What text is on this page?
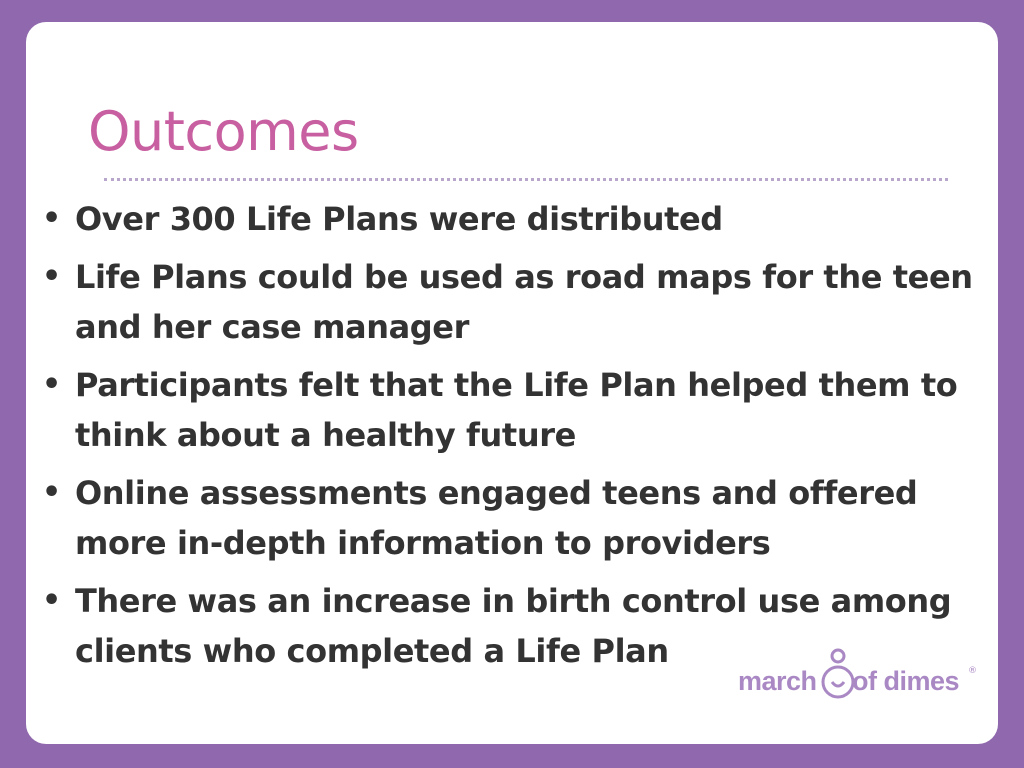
Outcomes
• Over 300 Life Plans were distributed
• Life Plans could be used as road maps for the teen and her case manager
• Participants felt that the Life Plan helped them to think about a healthy future
• Online assessments engaged teens and offered more in-depth information to providers
• There was an increase in birth control use among clients who completed a Life Plan
march of dimes ®
